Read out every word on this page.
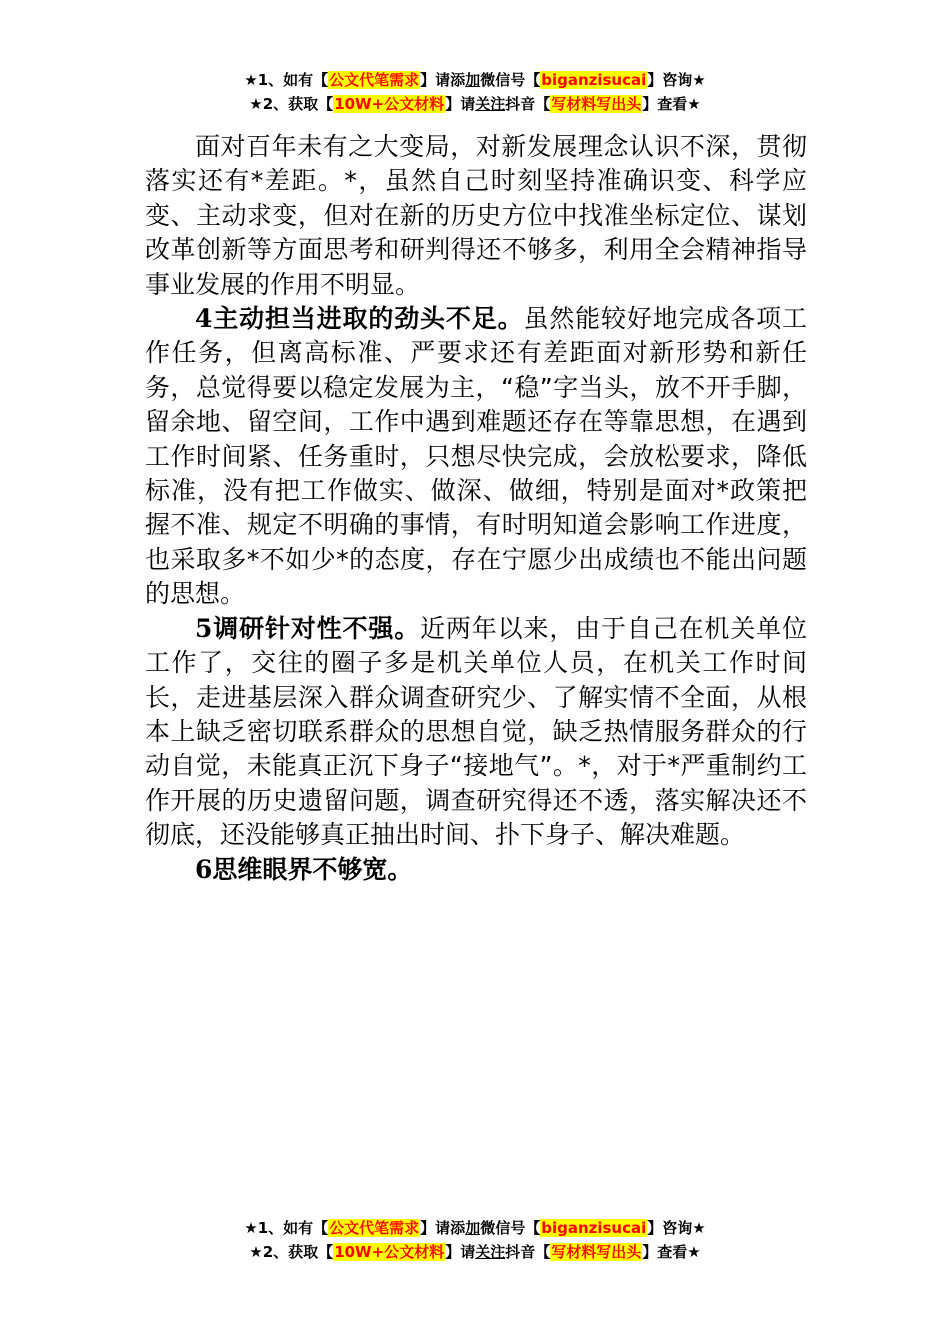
★1、如有【公文代笔需求】请添加微信号【biganzisucai】咨询★
★2、获取【10W+公文材料】请关注抖音【写材料写出头】查看★

面对百年未有之大变局，对新发展理念认识不深，贯彻落实还有*差距。*，虽然自己时刻坚持准确识变、科学应变、主动求变，但对在新的历史方位中找准坐标定位、谋划改革创新等方面思考和研判得还不够多，利用全会精神指导事业发展的作用不明显。

4主动担当进取的劲头不足。虽然能较好地完成各项工作任务，但离高标准、严要求还有差距面对新形势和新任务，总觉得要以稳定发展为主，“稳”字当头，放不开手脚，留余地、留空间，工作中遇到难题还存在等靠思想，在遇到工作时间紧、任务重时，只想尽快完成，会放松要求，降低标准，没有把工作做实、做深、做细，特别是面对*政策把握不准、规定不明确的事情，有时明知道会影响工作进度，也采取多*不如少*的态度，存在宁愿少出成绩也不能出问题的思想。

5调研针对性不强。近两年以来，由于自己在机关单位工作了，交往的圈子多是机关单位人员，在机关工作时间长，走进基层深入群众调查研究少、了解实情不全面，从根本上缺乏密切联系群众的思想自觉，缺乏热情服务群众的行动自觉，未能真正沉下身子“接地气”。*，对于*严重制约工作开展的历史遗留问题，调查研究得还不透，落实解决还不彻底，还没能够真正抽出时间、扑下身子、解决难题。

6思维眼界不够宽。

★1、如有【公文代笔需求】请添加微信号【biganzisucai】咨询★
★2、获取【10W+公文材料】请关注抖音【写材料写出头】查看★
